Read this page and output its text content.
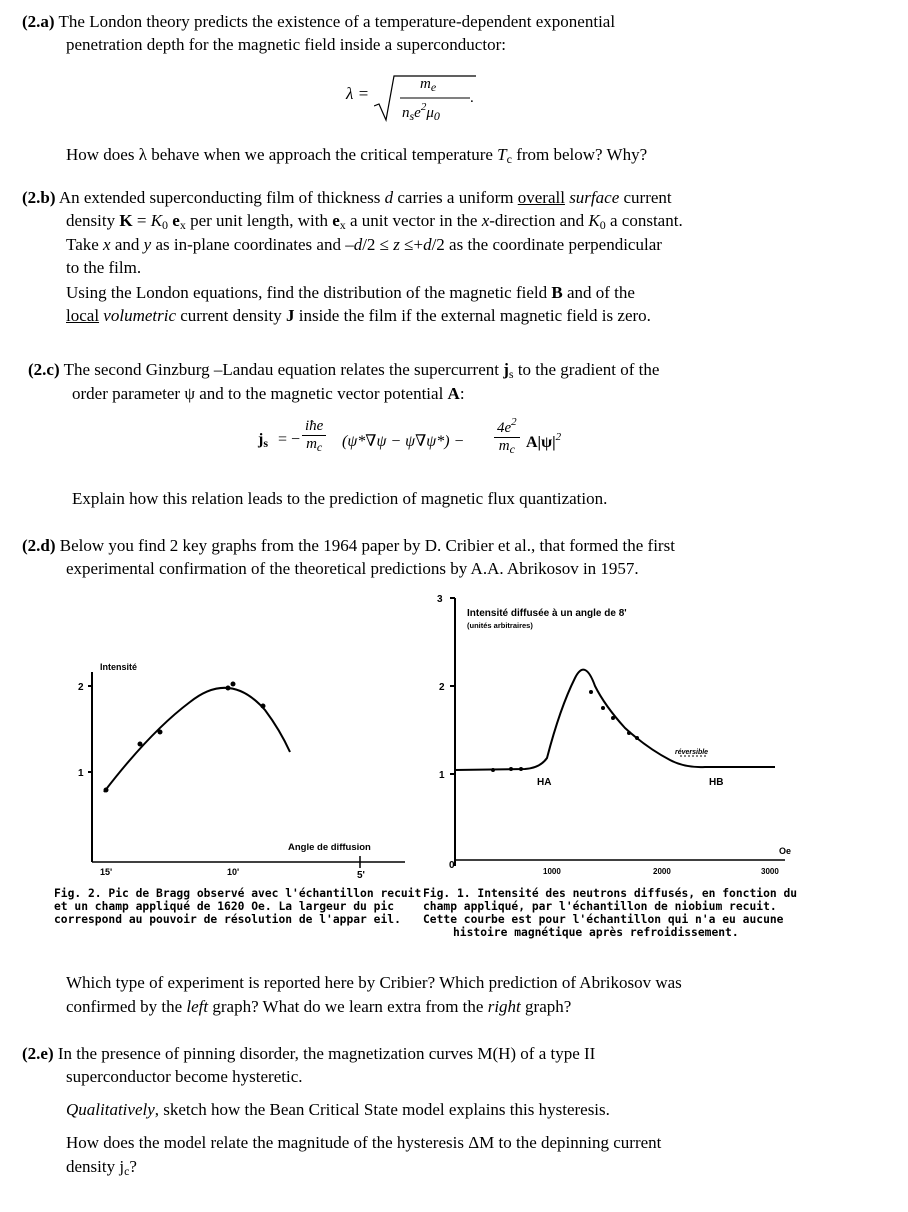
(2.a) The London theory predicts the existence of a temperature-dependent exponential
penetration depth for the magnetic field inside a superconductor:
λ =	$m_e$
$n_se^2\mu_0$
.
How does λ behave when we approach the critical temperature $T_c$ from below? Why?
(2.b) An extended superconducting film of thickness d carries a uniform overall surface current
density $K = K_0$ $e_x$ per unit length, with $e_x$ a unit vector in the x-direction and $K_0$ a constant.
Take x and y as in-plane coordinates and –d/2 ≤ z ≤+d/2 as the coordinate perpendicular
to the film.
Using the London equations, find the distribution of the magnetic field B and of the
local volumetric current density J inside the film if the external magnetic field is zero.
(2.c) The second Ginzburg –Landau equation relates the supercurrent $j_s$ to the gradient of the
order parameter ψ and to the magnetic vector potential A:
$j_s$ = −
iħe
$m_c$ $(\psi*\nabla\psi - \psi\nabla\psi*) - \frac{4e^2}{m_c} A|\psi|^2$
Explain how this relation leads to the prediction of magnetic flux quantization.
(2.d) Below you find 2 key graphs from the 1964 paper by D. Cribier et al., that formed the first
experimental confirmation of the theoretical predictions by A.A. Abrikosov in 1957.
2
1
Intensité
Angle de diffusion
15'	10'	5'
3
2
1
0
Intensité diffusée à un angle de 8'
(unités arbitraires)
Oe
1000	2000	3000
réversible
HA	HB
Fig. 2. Pic de Bragg observé avec l'échantillon recuit
et un champ appliqué de 1620 Oe. La largeur du pic
correspond au pouvoir de résolution de l'appar eil.
Fig. 1. Intensité des neutrons diffusés, en fonction du
champ appliqué, par l'échantillon de niobium recuit.
Cette courbe est pour l'échantillon qui n'a eu aucune
histoire magnétique après refroidissement.
Which type of experiment is reported here by Cribier? Which prediction of Abrikosov was
confirmed by the left graph? What do we learn extra from the right graph?
(2.e) In the presence of pinning disorder, the magnetization curves M(H) of a type II
superconductor become hysteretic.
Qualitatively, sketch how the Bean Critical State model explains this hysteresis.
How does the model relate the magnitude of the hysteresis ΔM to the depinning current
density $j_c$?
